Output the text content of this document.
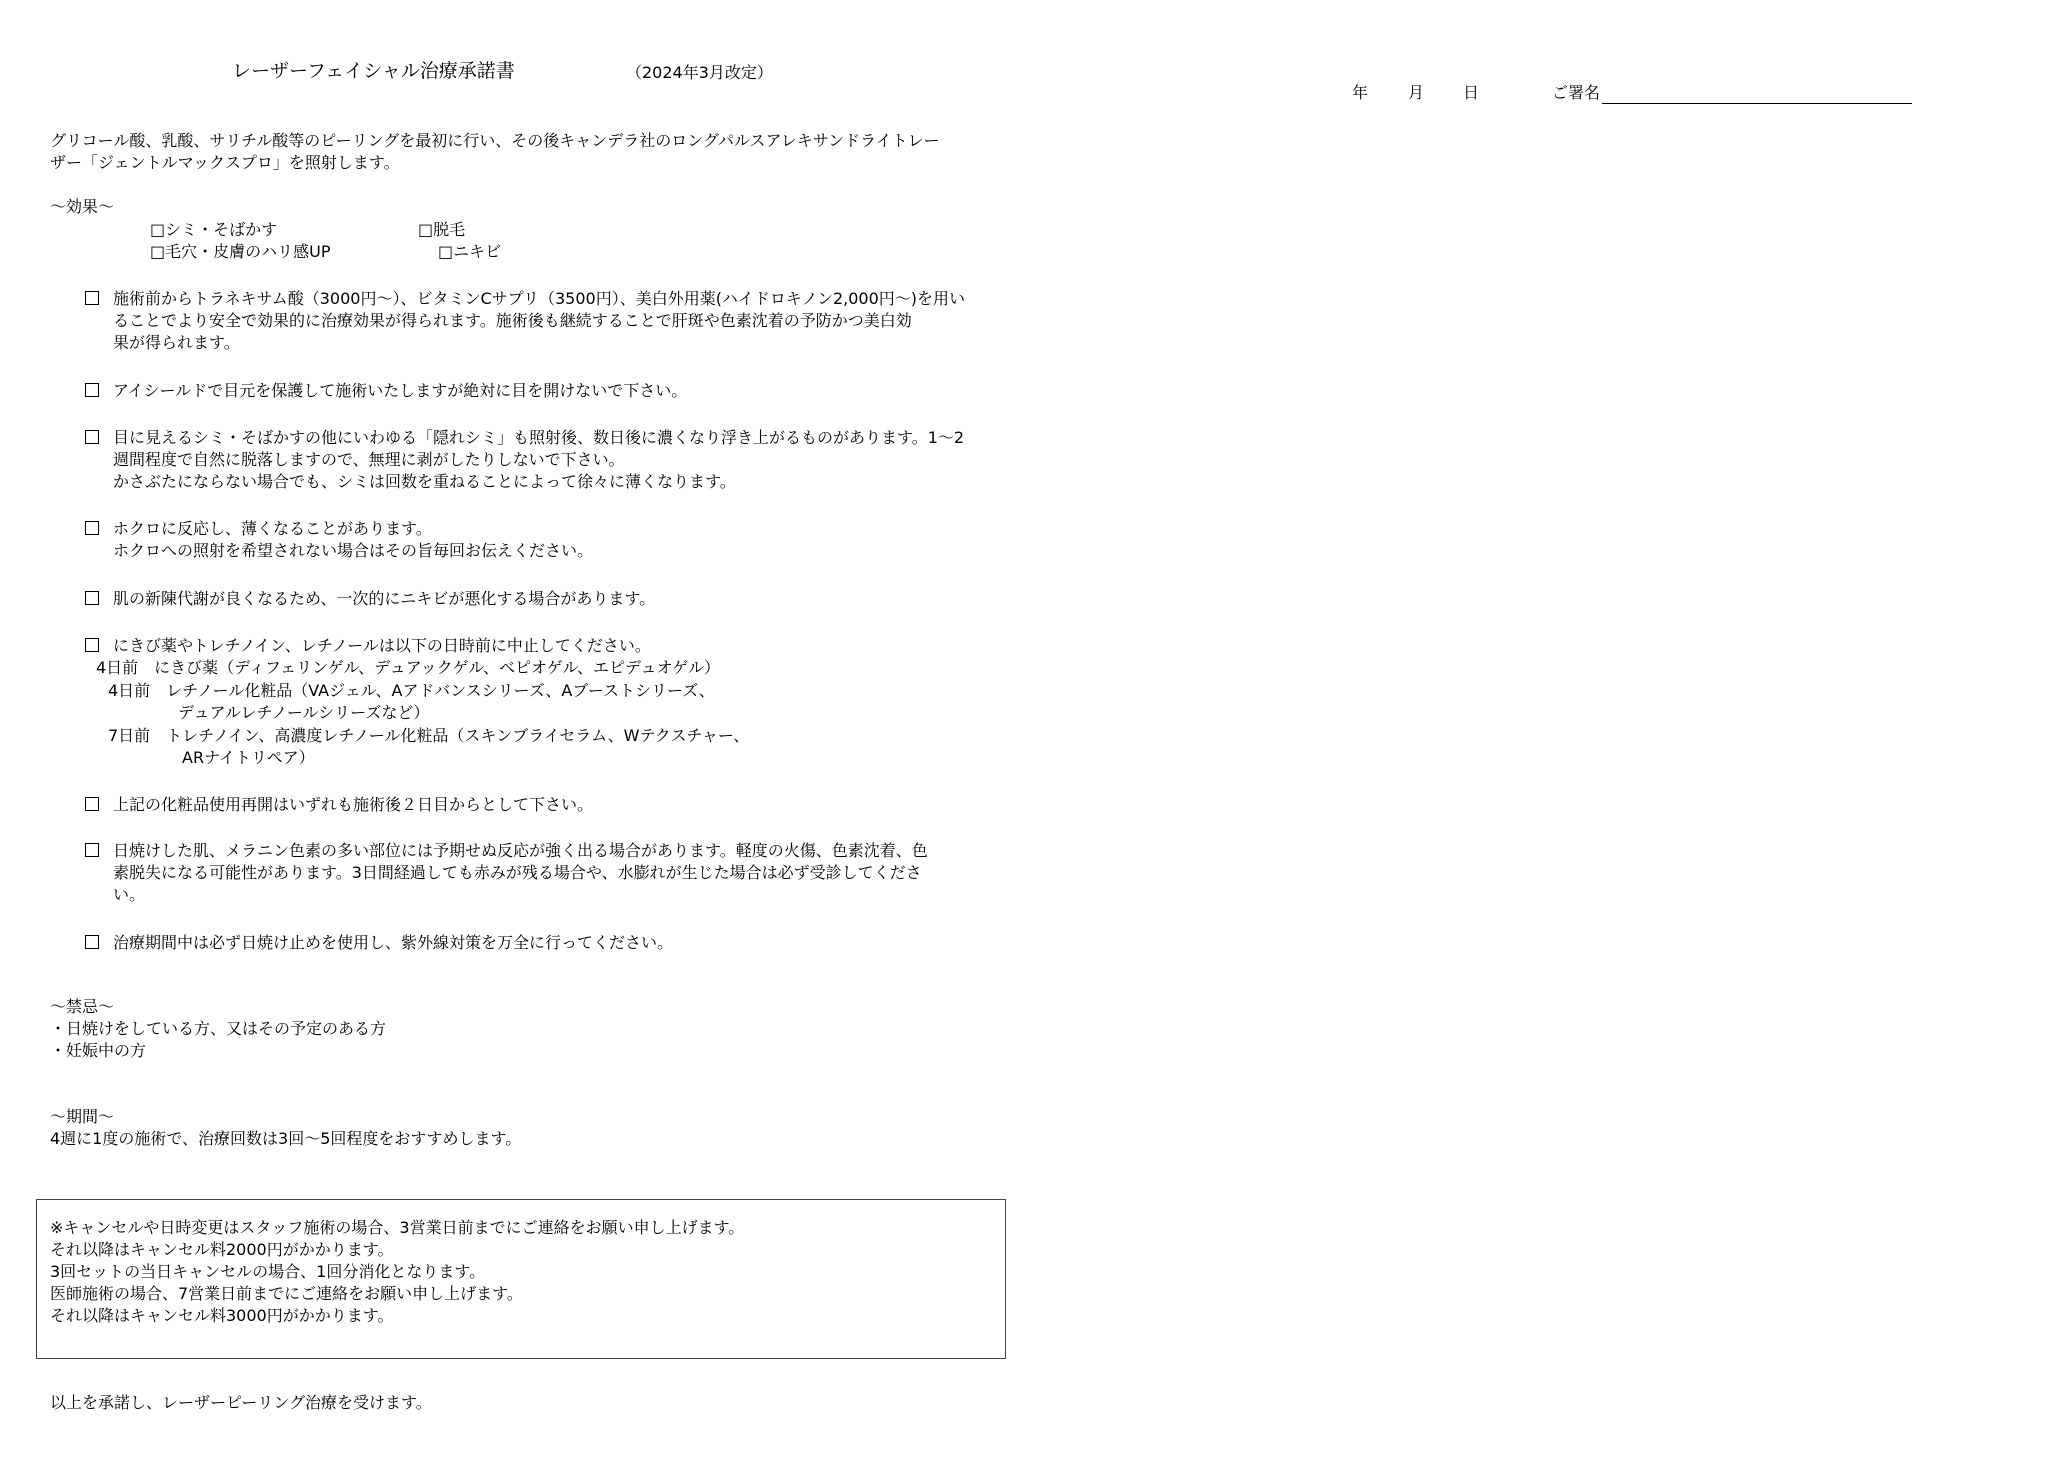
レーザーフェイシャル治療承諾書	（2024年3月改定）
年 月 日	ご署名
グリコール酸、乳酸、サリチル酸等のピーリングを最初に行い、その後キャンデラ社のロングパルスアレキサンドライトレー
ザー「ジェントルマックスプロ」を照射します。
～効果～
□シミ・そばかす	□脱毛
□毛穴・皮膚のハリ感UP	□ニキビ
施術前からトラネキサム酸（3000円～）、ビタミンCサプリ（3500円）、美白外用薬(ハイドロキノン2,000円～)を用い
ることでより安全で効果的に治療効果が得られます。施術後も継続することで肝斑や色素沈着の予防かつ美白効
果が得られます。
アイシールドで目元を保護して施術いたしますが絶対に目を開けないで下さい。
目に見えるシミ・そばかすの他にいわゆる「隠れシミ」も照射後、数日後に濃くなり浮き上がるものがあります。1～2
週間程度で自然に脱落しますので、無理に剥がしたりしないで下さい。
かさぶたにならない場合でも、シミは回数を重ねることによって徐々に薄くなります。
ホクロに反応し、薄くなることがあります。
ホクロへの照射を希望されない場合はその旨毎回お伝えください。
肌の新陳代謝が良くなるため、一次的にニキビが悪化する場合があります。
にきび薬やトレチノイン、レチノールは以下の日時前に中止してください。
4日前　にきび薬（ディフェリンゲル、デュアックゲル、ベピオゲル、エピデュオゲル）
4日前　レチノール化粧品（VAジェル、Aアドバンスシリーズ、Aブーストシリーズ、
デュアルレチノールシリーズなど）
7日前　トレチノイン、高濃度レチノール化粧品（スキンブライセラム、Wテクスチャー、
ARナイトリペア）
上記の化粧品使用再開はいずれも施術後２日目からとして下さい。
日焼けした肌、メラニン色素の多い部位には予期せぬ反応が強く出る場合があります。軽度の火傷、色素沈着、色
素脱失になる可能性があります。3日間経過しても赤みが残る場合や、水膨れが生じた場合は必ず受診してくださ
い。
治療期間中は必ず日焼け止めを使用し、紫外線対策を万全に行ってください。
～禁忌～
・日焼けをしている方、又はその予定のある方
・妊娠中の方
～期間～
4週に1度の施術で、治療回数は3回～5回程度をおすすめします。
※キャンセルや日時変更はスタッフ施術の場合、3営業日前までにご連絡をお願い申し上げます。
それ以降はキャンセル料2000円がかかります。
3回セットの当日キャンセルの場合、1回分消化となります。
医師施術の場合、7営業日前までにご連絡をお願い申し上げます。
それ以降はキャンセル料3000円がかかります。
以上を承諾し、レーザーピーリング治療を受けます。
